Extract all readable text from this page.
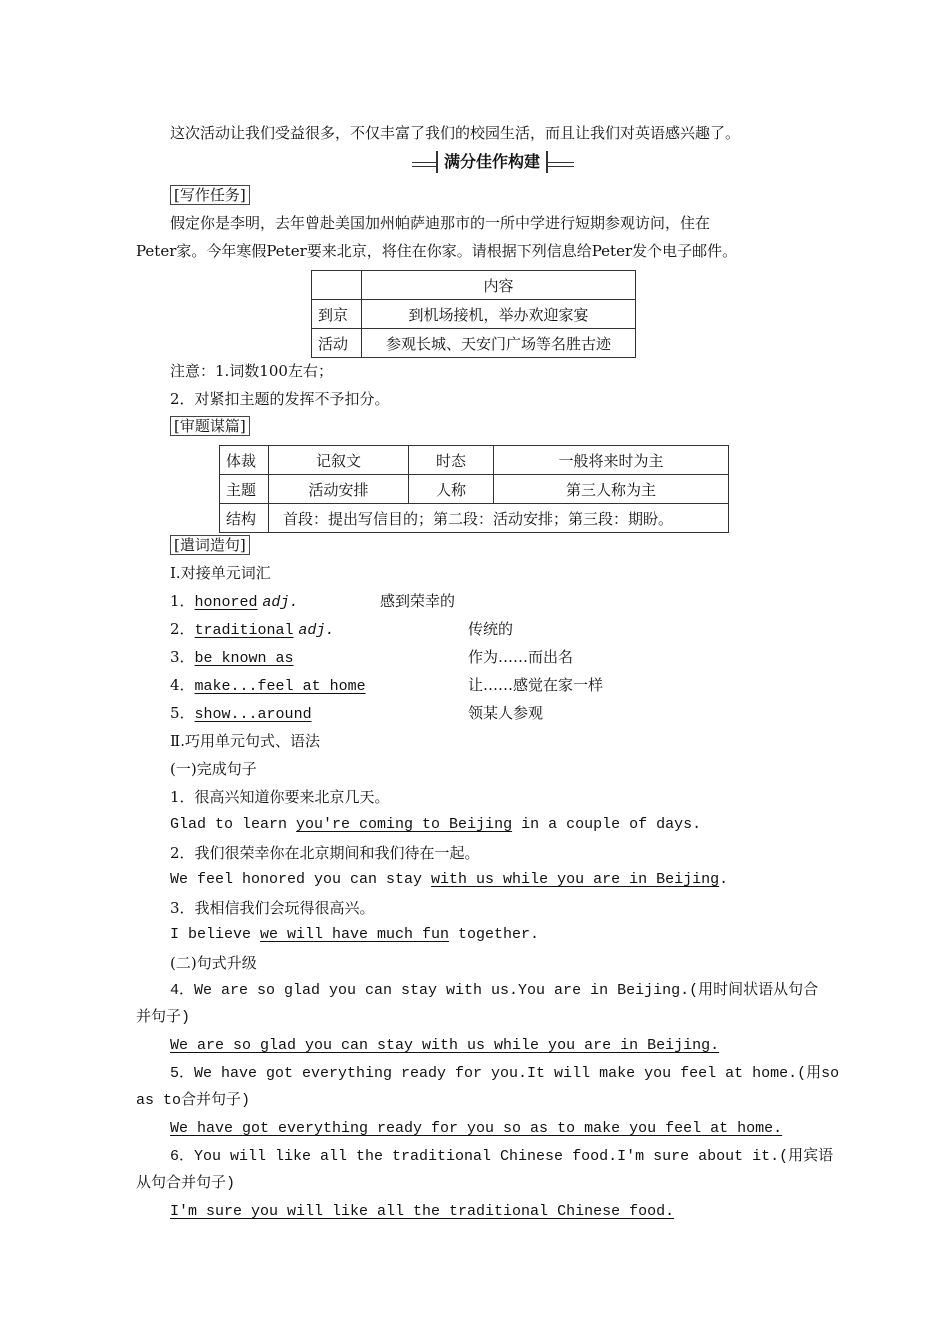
这次活动让我们受益很多，不仅丰富了我们的校园生活，而且让我们对英语感兴趣了。
满分佳作构建
[写作任务]
假定你是李明，去年曾赴美国加州帕萨迪那市的一所中学进行短期参观访问，住在
Peter家。今年寒假Peter要来北京，将住在你家。请根据下列信息给Peter发个电子邮件。
	内容
到京	到机场接机，举办欢迎家宴
活动	参观长城、天安门广场等名胜古迹
注意：1.词数100左右；
2．对紧扣主题的发挥不予扣分。
[审题谋篇]
体裁	记叙文	时态	一般将来时为主
主题	活动安排	人称	第三人称为主
结构	首段：提出写信目的；第二段：活动安排；第三段：期盼。		
[遣词造句]
Ⅰ.对接单元词汇
1．honored adj.	感到荣幸的
2．traditional adj.	传统的
3．be known as	作为……而出名
4．make...feel at home	让……感觉在家一样
5．show...around	领某人参观
Ⅱ.巧用单元句式、语法
(一)完成句子
1．很高兴知道你要来北京几天。
Glad to learn you're coming to Beijing in a couple of days.
2．我们很荣幸你在北京期间和我们待在一起。
We feel honored you can stay with us while you are in Beijing.
3．我相信我们会玩得很高兴。
I believe we will have much fun together.
(二)句式升级
4．We are so glad you can stay with us.You are in Beijing.(用时间状语从句合
并句子)
We are so glad you can stay with us while you are in Beijing.
5．We have got everything ready for you.It will make you feel at home.(用so
as to合并句子)
We have got everything ready for you so as to make you feel at home.
6．You will like all the traditional Chinese food.I'm sure about it.(用宾语
从句合并句子)
I'm sure you will like all the traditional Chinese food.
